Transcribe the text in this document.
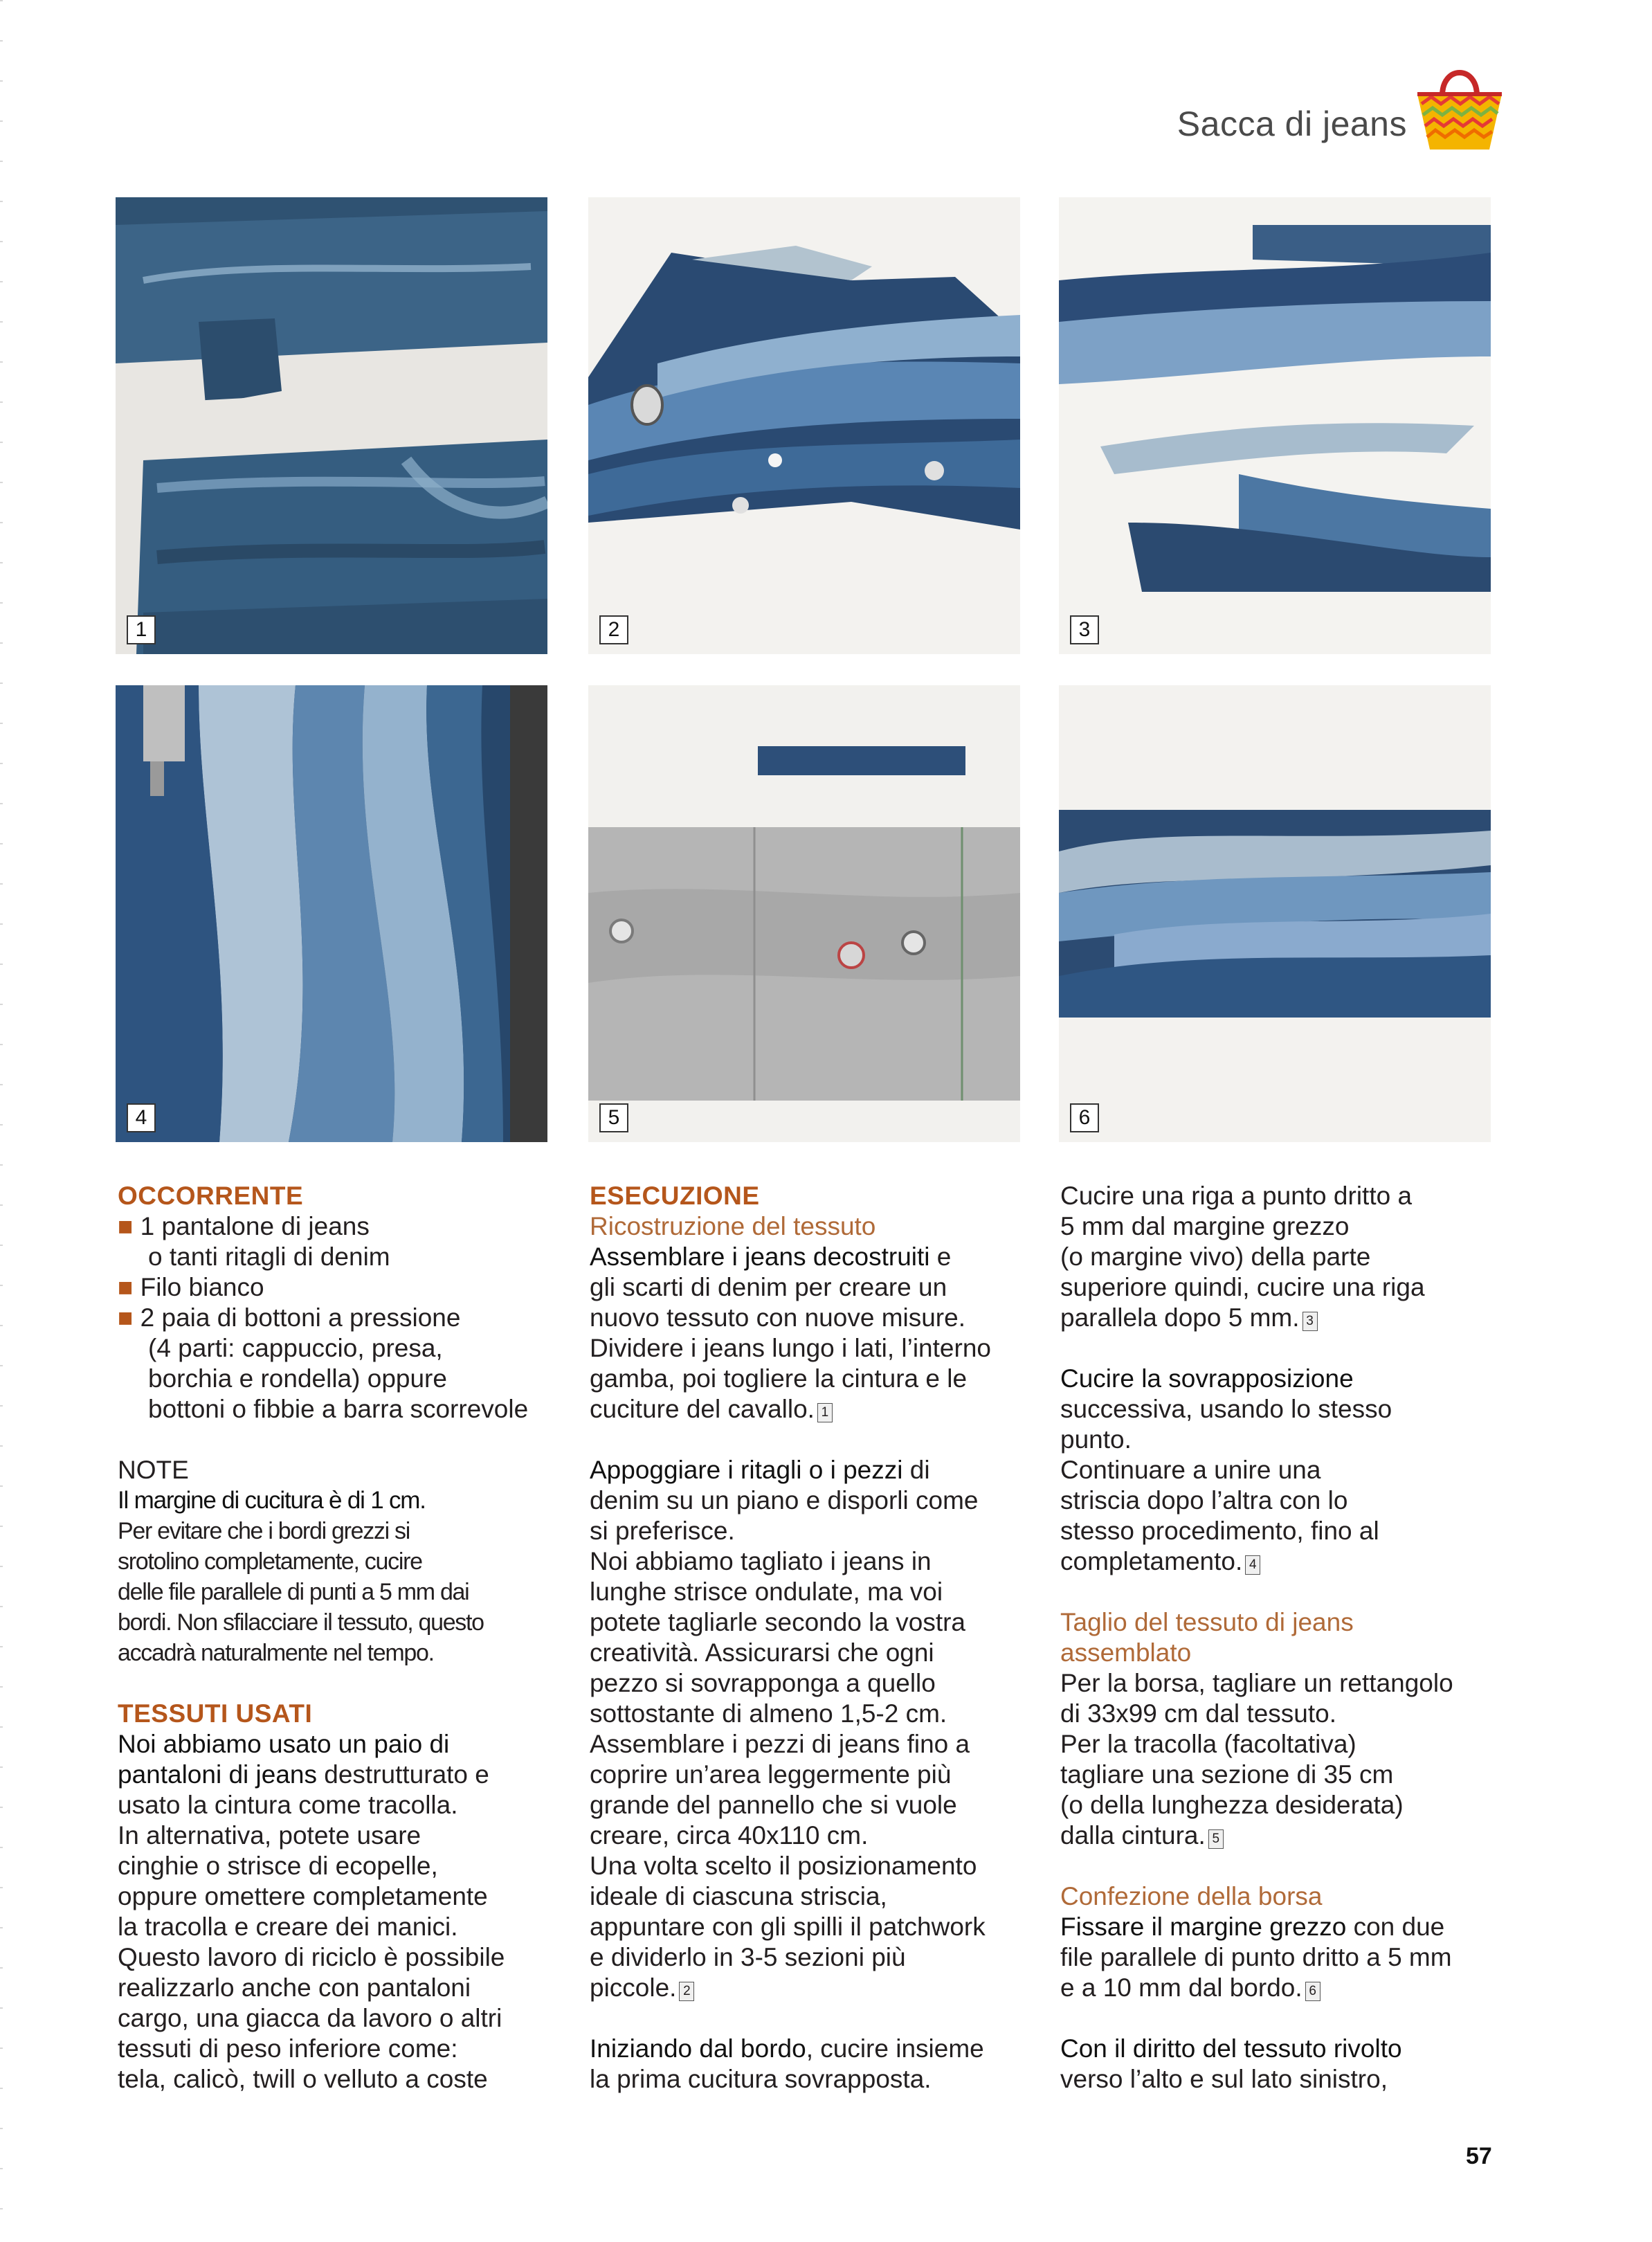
Sacca di jeans
1	2	3
4	5	6

OCCORRENTE

■ 1 pantalone di jeans

o tanti ritagli di denim

■ Filo bianco

■ 2 paia di bottoni a pressione

(4 parti: cappuccio, presa,

borchia e rondella) oppure

bottoni o fibbie a barra scorrevole

NOTE

Il margine di cucitura è di 1 cm.

Per evitare che i bordi grezzi si

srotolino completamente, cucire

delle file parallele di punti a 5 mm dai

bordi. Non sfilacciare il tessuto, questo

accadrà naturalmente nel tempo.

TESSUTI USATI

Noi abbiamo usato un paio di

pantaloni di jeans destrutturato e

usato la cintura come tracolla.

In alternativa, potete usare

cinghie o strisce di ecopelle,

oppure omettere completamente

la tracolla e creare dei manici.

Questo lavoro di riciclo è possibile

realizzarlo anche con pantaloni

cargo, una giacca da lavoro o altri

tessuti di peso inferiore come:

tela, calicò, twill o velluto a coste

ESECUZIONE

Ricostruzione del tessuto

Assemblare i jeans decostruiti e

gli scarti di denim per creare un

nuovo tessuto con nuove misure.

Dividere i jeans lungo i lati, l’interno

gamba, poi togliere la cintura e le

cuciture del cavallo. 1

Appoggiare i ritagli o i pezzi di

denim su un piano e disporli come

si preferisce.

Noi abbiamo tagliato i jeans in

lunghe strisce ondulate, ma voi

potete tagliarle secondo la vostra

creatività. Assicurarsi che ogni

pezzo si sovrapponga a quello

sottostante di almeno 1,5-2 cm.

Assemblare i pezzi di jeans fino a

coprire un’area leggermente più

grande del pannello che si vuole

creare, circa 40x110 cm.

Una volta scelto il posizionamento

ideale di ciascuna striscia,

appuntare con gli spilli il patchwork

e dividerlo in 3-5 sezioni più

piccole. 2

Iniziando dal bordo, cucire insieme

la prima cucitura sovrapposta.

Cucire una riga a punto dritto a

5 mm dal margine grezzo

(o margine vivo) della parte

superiore quindi, cucire una riga

parallela dopo 5 mm. 3

Cucire la sovrapposizione

successiva, usando lo stesso

punto.

Continuare a unire una

striscia dopo l’altra con lo

stesso procedimento, fino al

completamento. 4

Taglio del tessuto di jeans

assemblato

Per la borsa, tagliare un rettangolo

di 33x99 cm dal tessuto.

Per la tracolla (facoltativa)

tagliare una sezione di 35 cm

(o della lunghezza desiderata)

dalla cintura. 5

Confezione della borsa

Fissare il margine grezzo con due

file parallele di punto dritto a 5 mm

e a 10 mm dal bordo. 6

Con il diritto del tessuto rivolto

verso l’alto e sul lato sinistro,

57
